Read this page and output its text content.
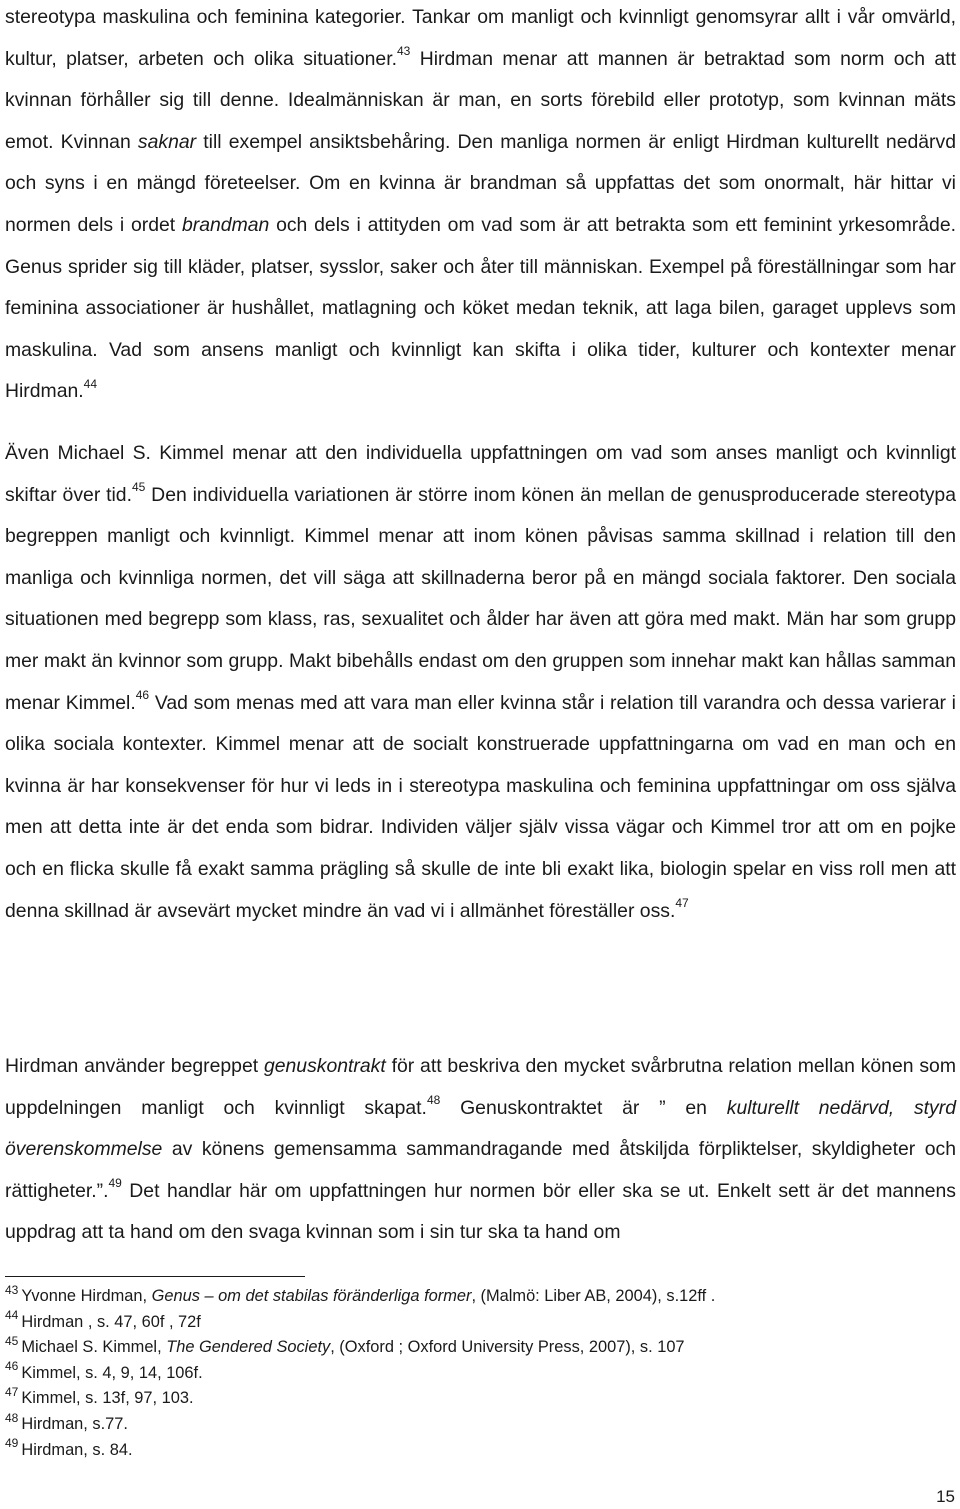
stereotypa maskulina och feminina kategorier. Tankar om manligt och kvinnligt genomsyrar allt i vår omvärld, kultur, platser, arbeten och olika situationer.$^{43}$ Hirdman menar att mannen är betraktad som norm och att kvinnan förhåller sig till denne. Idealmänniskan är man, en sorts förebild eller prototyp, som kvinnan mäts emot. Kvinnan saknar till exempel ansiktsbehåring. Den manliga normen är enligt Hirdman kulturellt nedärvd och syns i en mängd företeelser. Om en kvinna är brandman så uppfattas det som onormalt, här hittar vi normen dels i ordet brandman och dels i attityden om vad som är att betrakta som ett feminint yrkesområde. Genus sprider sig till kläder, platser, sysslor, saker och åter till människan. Exempel på föreställningar som har feminina associationer är hushållet, matlagning och köket medan teknik, att laga bilen, garaget upplevs som maskulina. Vad som ansens manligt och kvinnligt kan skifta i olika tider, kulturer och kontexter menar Hirdman.$^{44}$

Även Michael S. Kimmel menar att den individuella uppfattningen om vad som anses manligt och kvinnligt skiftar över tid.$^{45}$ Den individuella variationen är större inom könen än mellan de genusproducerade stereotypa begreppen manligt och kvinnligt. Kimmel menar att inom könen påvisas samma skillnad i relation till den manliga och kvinnliga normen, det vill säga att skillnaderna beror på en mängd sociala faktorer. Den sociala situationen med begrepp som klass, ras, sexualitet och ålder har även att göra med makt. Män har som grupp mer makt än kvinnor som grupp. Makt bibehålls endast om den gruppen som innehar makt kan hållas samman menar Kimmel.$^{46}$ Vad som menas med att vara man eller kvinna står i relation till varandra och dessa varierar i olika sociala kontexter. Kimmel menar att de socialt konstruerade uppfattningarna om vad en man och en kvinna är har konsekvenser för hur vi leds in i stereotypa maskulina och feminina uppfattningar om oss själva men att detta inte är det enda som bidrar. Individen väljer själv vissa vägar och Kimmel tror att om en pojke och en flicka skulle få exakt samma prägling så skulle de inte bli exakt lika, biologin spelar en viss roll men att denna skillnad är avsevärt mycket mindre än vad vi i allmänhet föreställer oss.$^{47}$

Hirdman använder begreppet genuskontrakt för att beskriva den mycket svårbrutna relation mellan könen som uppdelningen manligt och kvinnligt skapat.$^{48}$ Genuskontraktet är ” en kulturellt nedärvd, styrd överenskommelse av könens gemensamma sammandragande med åtskiljda förpliktelser, skyldigheter och rättigheter.”.$^{49}$ Det handlar här om uppfattningen hur normen bör eller ska se ut. Enkelt sett är det mannens uppdrag att ta hand om den svaga kvinnan som i sin tur ska ta hand om

$^{43}$ Yvonne Hirdman, Genus – om det stabilas föränderliga former, (Malmö: Liber AB, 2004), s.12ff .
$^{44}$ Hirdman , s. 47, 60f , 72f
$^{45}$ Michael S. Kimmel, The Gendered Society, (Oxford ; Oxford University Press, 2007), s. 107
$^{46}$ Kimmel, s. 4, 9, 14, 106f.
$^{47}$ Kimmel, s. 13f, 97, 103.
$^{48}$ Hirdman, s.77.
$^{49}$ Hirdman, s. 84.
15
